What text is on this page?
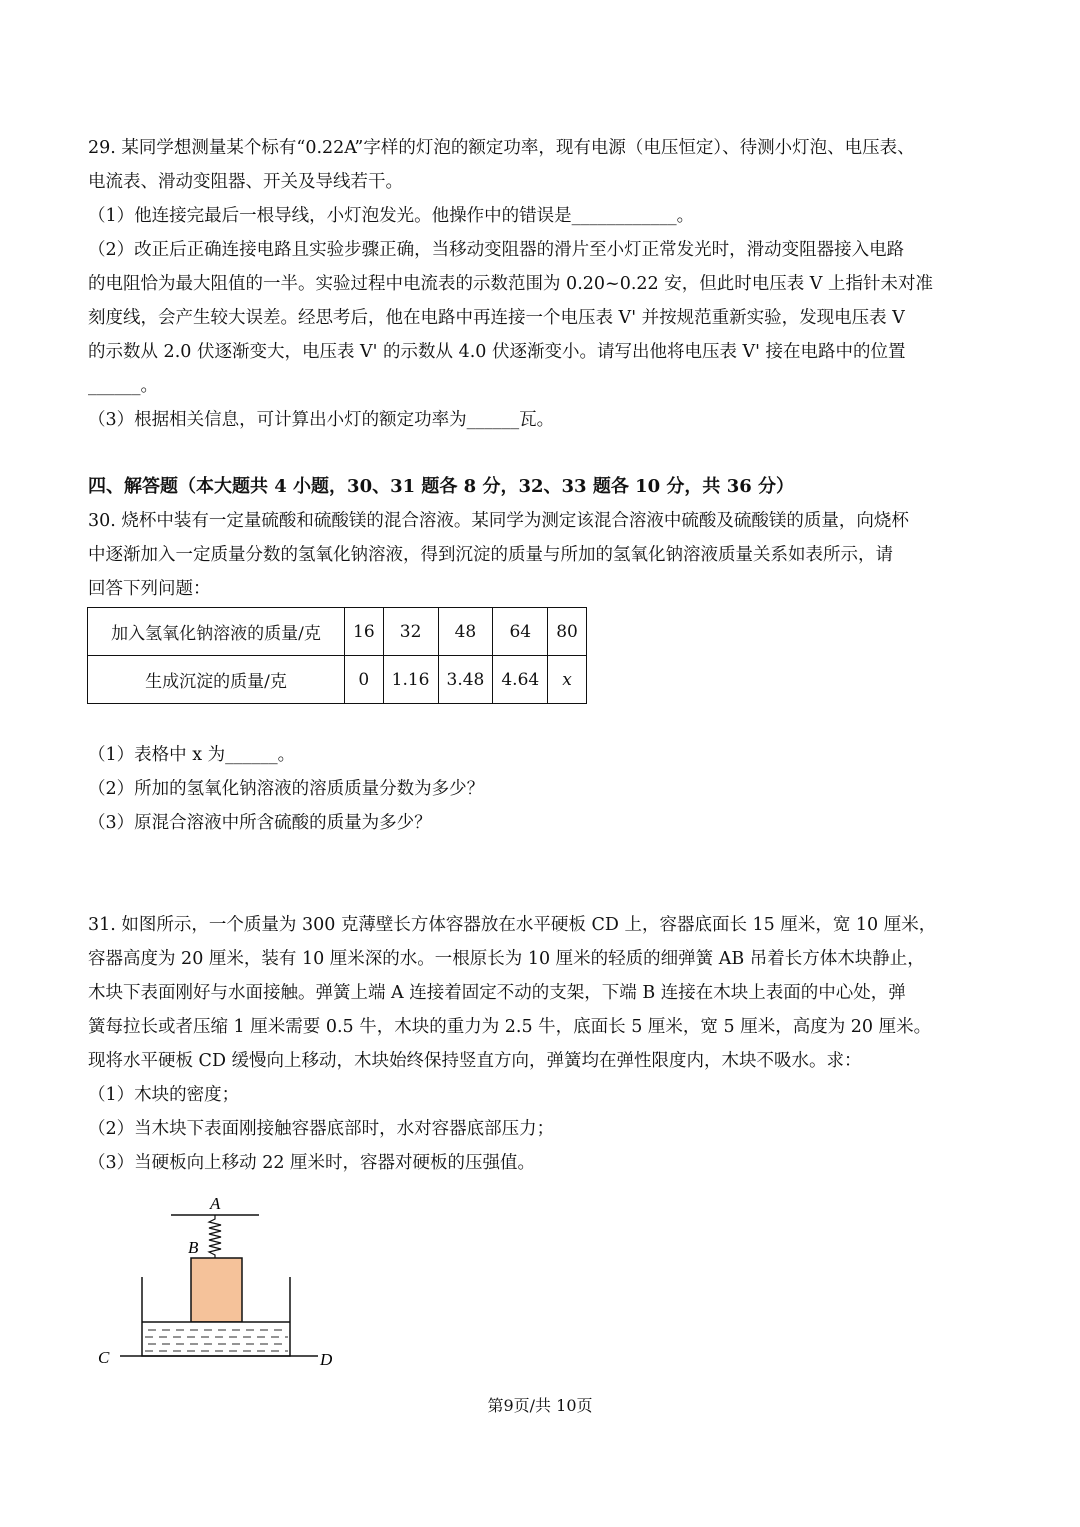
29. 某同学想测量某个标有“0.22A”字样的灯泡的额定功率，现有电源（电压恒定）、待测小灯泡、电压表、
电流表、滑动变阻器、开关及导线若干。
（1）他连接完最后一根导线，小灯泡发光。他操作中的错误是____________。
（2）改正后正确连接电路且实验步骤正确，当移动变阻器的滑片至小灯正常发光时，滑动变阻器接入电路
的电阻恰为最大阻值的一半。实验过程中电流表的示数范围为 0.20~0.22 安，但此时电压表 V 上指针未对准
刻度线，会产生较大误差。经思考后，他在电路中再连接一个电压表 V' 并按规范重新实验，发现电压表 V
的示数从 2.0 伏逐渐变大，电压表 V' 的示数从 4.0 伏逐渐变小。请写出他将电压表 V' 接在电路中的位置
______。
（3）根据相关信息，可计算出小灯的额定功率为______瓦。
四、解答题（本大题共 4 小题，30、31 题各 8 分，32、33 题各 10 分，共 36 分）
30. 烧杯中装有一定量硫酸和硫酸镁的混合溶液。某同学为测定该混合溶液中硫酸及硫酸镁的质量，向烧杯
中逐渐加入一定质量分数的氢氧化钠溶液，得到沉淀的质量与所加的氢氧化钠溶液质量关系如表所示，请
回答下列问题：
加入氢氧化钠溶液的质量/克	16	32	48	64	80
生成沉淀的质量/克	0	1.16	3.48	4.64	x
（1）表格中 x 为______。
（2）所加的氢氧化钠溶液的溶质质量分数为多少？
（3）原混合溶液中所含硫酸的质量为多少？
31. 如图所示，一个质量为 300 克薄壁长方体容器放在水平硬板 CD 上，容器底面长 15 厘米，宽 10 厘米，
容器高度为 20 厘米，装有 10 厘米深的水。一根原长为 10 厘米的轻质的细弹簧 AB 吊着长方体木块静止，
木块下表面刚好与水面接触。弹簧上端 A 连接着固定不动的支架，下端 B 连接在木块上表面的中心处，弹
簧每拉长或者压缩 1 厘米需要 0.5 牛，木块的重力为 2.5 牛，底面长 5 厘米，宽 5 厘米，高度为 20 厘米。
现将水平硬板 CD 缓慢向上移动，木块始终保持竖直方向，弹簧均在弹性限度内，木块不吸水。求：
（1）木块的密度；
（2）当木块下表面刚接触容器底部时，水对容器底部压力；
（3）当硬板向上移动 22 厘米时，容器对硬板的压强值。
A
B
C	D
第9页/共 10页
